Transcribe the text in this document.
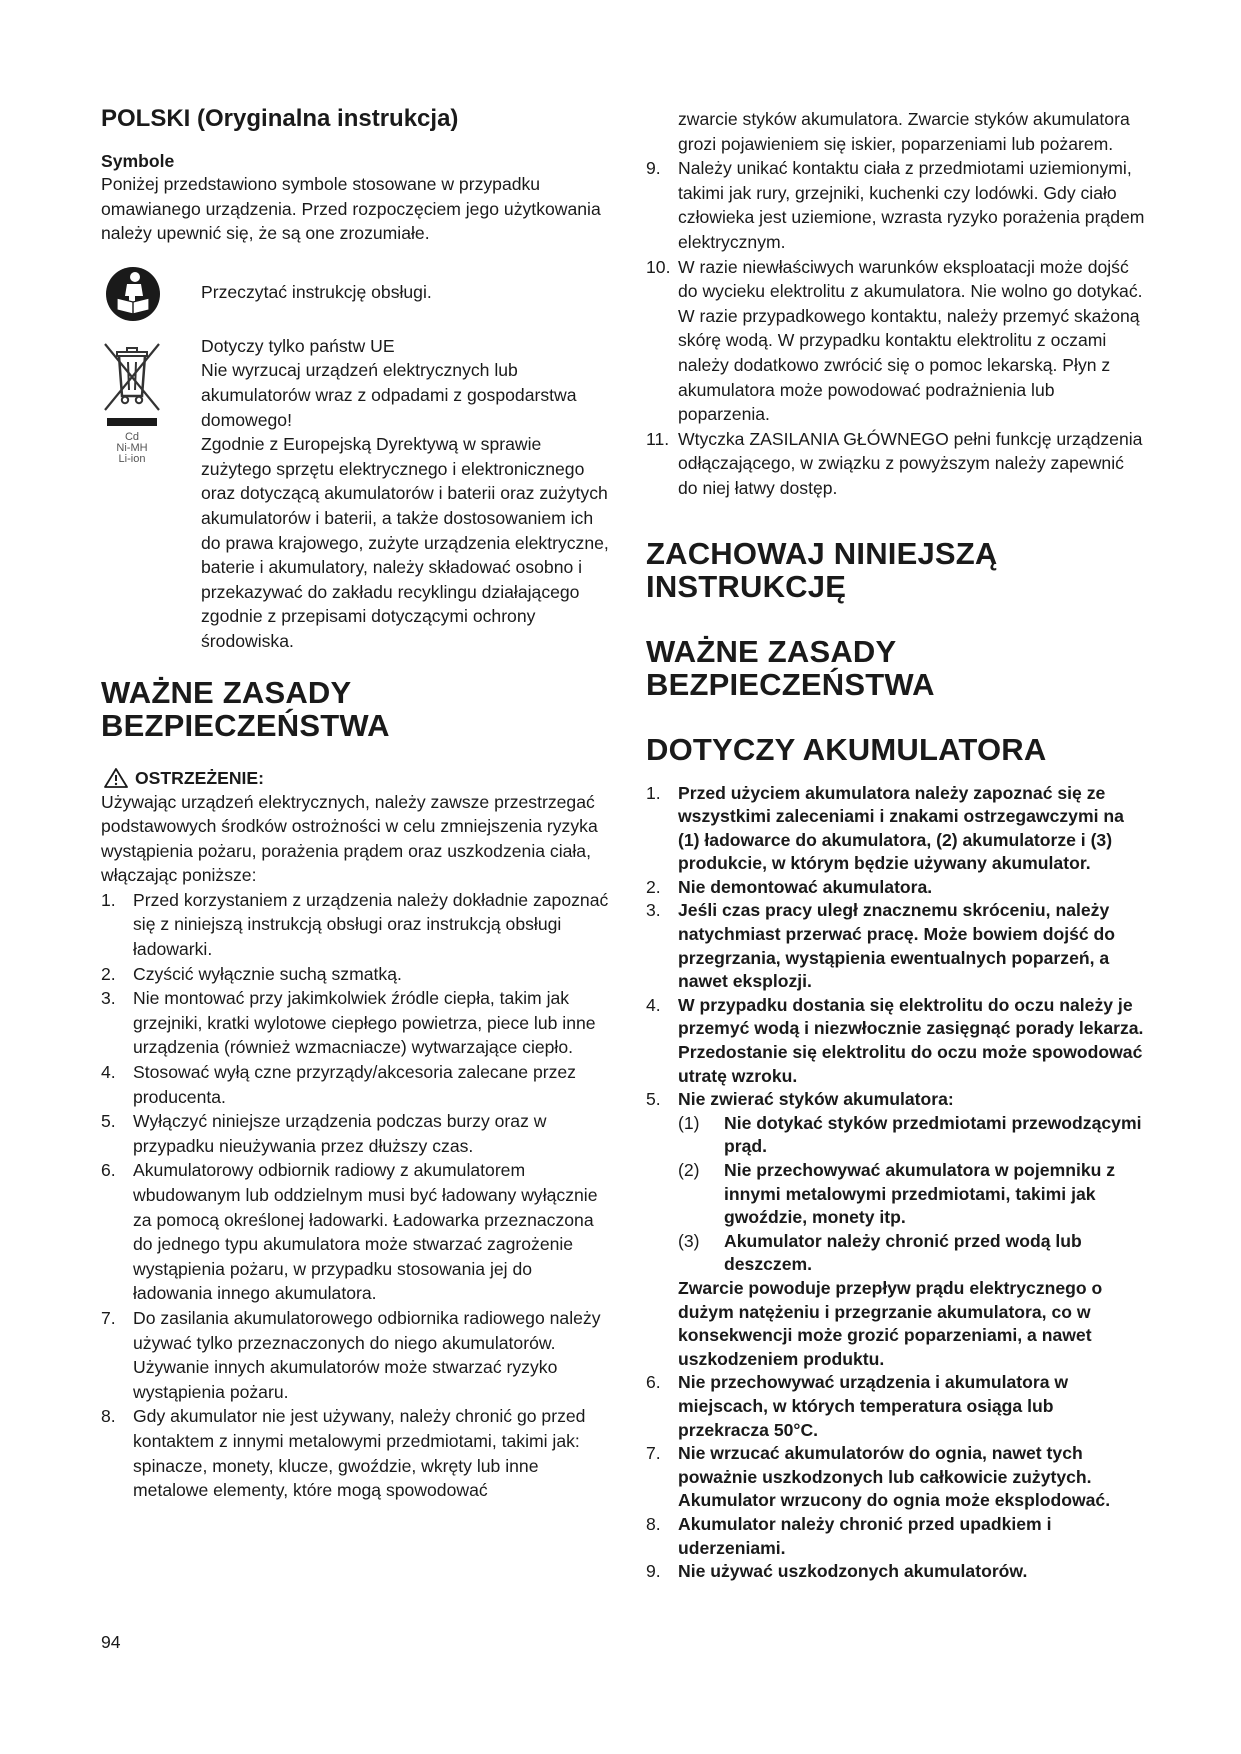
POLSKI (Oryginalna instrukcja)
Symbole

Poniżej przedstawiono symbole stosowane w przypadku omawianego urządzenia. Przed rozpoczęciem jego użytkowania należy upewnić się, że są one zrozumiałe.

Przeczytać instrukcję obsługi.

Cd
Ni-MH
Li-ion

Dotyczy tylko państw UE

Nie wyrzucaj urządzeń elektrycznych lub akumulatorów wraz z odpadami z gospodarstwa domowego!

Zgodnie z Europejską Dyrektywą w sprawie zużytego sprzętu elektrycznego i elektronicznego oraz dotyczącą akumulatorów i baterii oraz zużytych akumulatorów i baterii, a także dostosowaniem ich do prawa krajowego, zużyte urządzenia elektryczne, baterie i akumulatory, należy składować osobno i przekazywać do zakładu recyklingu działającego zgodnie z przepisami dotyczącymi ochrony środowiska.

WAŻNE ZASADY
BEZPIECZEŃSTWA
OSTRZEŻENIE:

Używając urządzeń elektrycznych, należy zawsze przestrzegać podstawowych środków ostrożności w celu zmniejszenia ryzyka wystąpienia pożaru, porażenia prądem oraz uszkodzenia ciała, włączając poniższe:

1. Przed korzystaniem z urządzenia należy dokładnie zapoznać się z niniejszą instrukcją obsługi oraz instrukcją obsługi ładowarki.
2. Czyścić wyłącznie suchą szmatką.
3. Nie montować przy jakimkolwiek źródle ciepła, takim jak grzejniki, kratki wylotowe ciepłego powietrza, piece lub inne urządzenia (również wzmacniacze) wytwarzające ciepło.
4. Stosować wyłą czne przyrządy/akcesoria zalecane przez producenta.
5. Wyłączyć niniejsze urządzenia podczas burzy oraz w przypadku nieużywania przez dłuższy czas.
6. Akumulatorowy odbiornik radiowy z akumulatorem wbudowanym lub oddzielnym musi być ładowany wyłącznie za pomocą określonej ładowarki. Ładowarka przeznaczona do jednego typu akumulatora może stwarzać zagrożenie wystąpienia pożaru, w przypadku stosowania jej do ładowania innego akumulatora.
7. Do zasilania akumulatorowego odbiornika radiowego należy używać tylko przeznaczonych do niego akumulatorów. Używanie innych akumulatorów może stwarzać ryzyko wystąpienia pożaru.
8. Gdy akumulator nie jest używany, należy chronić go przed kontaktem z innymi metalowymi przedmiotami, takimi jak: spinacze, monety, klucze, gwoździe, wkręty lub inne metalowe elementy, które mogą spowodować

zwarcie styków akumulatora. Zwarcie styków akumulatora grozi pojawieniem się iskier, poparzeniami lub pożarem.

9. Należy unikać kontaktu ciała z przedmiotami uziemionymi, takimi jak rury, grzejniki, kuchenki czy lodówki. Gdy ciało człowieka jest uziemione, wzrasta ryzyko porażenia prądem elektrycznym.
10. W razie niewłaściwych warunków eksploatacji może dojść do wycieku elektrolitu z akumulatora. Nie wolno go dotykać. W razie przypadkowego kontaktu, należy przemyć skażoną skórę wodą. W przypadku kontaktu elektrolitu z oczami należy dodatkowo zwrócić się o pomoc lekarską. Płyn z akumulatora może powodować podrażnienia lub poparzenia.
11. Wtyczka ZASILANIA GŁÓWNEGO pełni funkcję urządzenia odłączającego, w związku z powyższym należy zapewnić do niej łatwy dostęp.
ZACHOWAJ NINIEJSZĄ
INSTRUKCJĘ
WAŻNE ZASADY
BEZPIECZEŃSTWA
DOTYCZY AKUMULATORA
1. Przed użyciem akumulatora należy zapoznać się ze wszystkimi zaleceniami i znakami ostrzegawczymi na (1) ładowarce do akumulatora, (2) akumulatorze i (3) produkcie, w którym będzie używany akumulator.
2. Nie demontować akumulatora.
3. Jeśli czas pracy uległ znacznemu skróceniu, należy natychmiast przerwać pracę. Może bowiem dojść do przegrzania, wystąpienia ewentualnych poparzeń, a nawet eksplozji.
4. W przypadku dostania się elektrolitu do oczu należy je przemyć wodą i niezwłocznie zasięgnąć porady lekarza. Przedostanie się elektrolitu do oczu może spowodować utratę wzroku.
5. Nie zwierać styków akumulatora:
(1) Nie dotykać styków przedmiotami przewodzącymi prąd.
(2) Nie przechowywać akumulatora w pojemniku z innymi metalowymi przedmiotami, takimi jak gwoździe, monety itp.
(3) Akumulator należy chronić przed wodą lub deszczem.

Zwarcie powoduje przepływ prądu elektrycznego o dużym natężeniu i przegrzanie akumulatora, co w konsekwencji może grozić poparzeniami, a nawet uszkodzeniem produktu.

6. Nie przechowywać urządzenia i akumulatora w miejscach, w których temperatura osiąga lub przekracza 50°C.
7. Nie wrzucać akumulatorów do ognia, nawet tych poważnie uszkodzonych lub całkowicie zużytych. Akumulator wrzucony do ognia może eksplodować.
8. Akumulator należy chronić przed upadkiem i uderzeniami.
9. Nie używać uszkodzonych akumulatorów.
94
